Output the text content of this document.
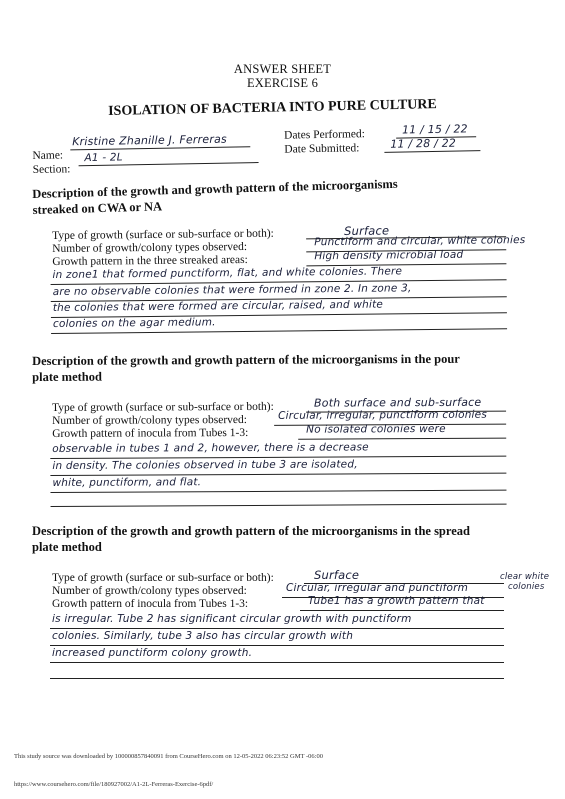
ANSWER SHEET
EXERCISE 6
ISOLATION OF BACTERIA INTO PURE CULTURE
Name:
Kristine Zhanille J. Ferreras
Section:
A1 - 2L
Dates Performed:	11 / 15 / 22
Date Submitted:	11 / 28 / 22
Description of the growth and growth pattern of the microorganisms
streaked on CWA or NA
Type of growth (surface or sub-surface or both):	Surface
Number of growth/colony types observed:	Punctiform and circular, white colonies
Growth pattern in the three streaked areas:	High density microbial load
in zone1 that formed punctiform, flat, and white colonies. There
are no observable colonies that were formed in zone 2. In zone 3,
the colonies that were formed are circular, raised, and white
colonies on the agar medium.
Description of the growth and growth pattern of the microorganisms in the pour
plate method
Type of growth (surface or sub-surface or both):	Both surface and sub-surface
Number of growth/colony types observed:	Circular, irregular, punctiform colonies
Growth pattern of inocula from Tubes 1-3:	No isolated colonies were
observable in tubes 1 and 2, however, there is a decrease
in density. The colonies observed in tube 3 are isolated,
white, punctiform, and flat.
Description of the growth and growth pattern of the microorganisms in the spread
plate method
Type of growth (surface or sub-surface or both):	Surface
Number of growth/colony types observed:	Circular, irregular and punctiform
clear white
colonies
Growth pattern of inocula from Tubes 1-3:	Tube1 has a growth pattern that
is irregular. Tube 2 has significant circular growth with punctiform
colonies. Similarly, tube 3 also has circular growth with
increased punctiform colony growth.
This study source was downloaded by 100000857840091 from CourseHero.com on 12-05-2022 06:23:52 GMT -06:00
https://www.coursehero.com/file/180927002/A1-2L-Ferreras-Exercise-6pdf/
